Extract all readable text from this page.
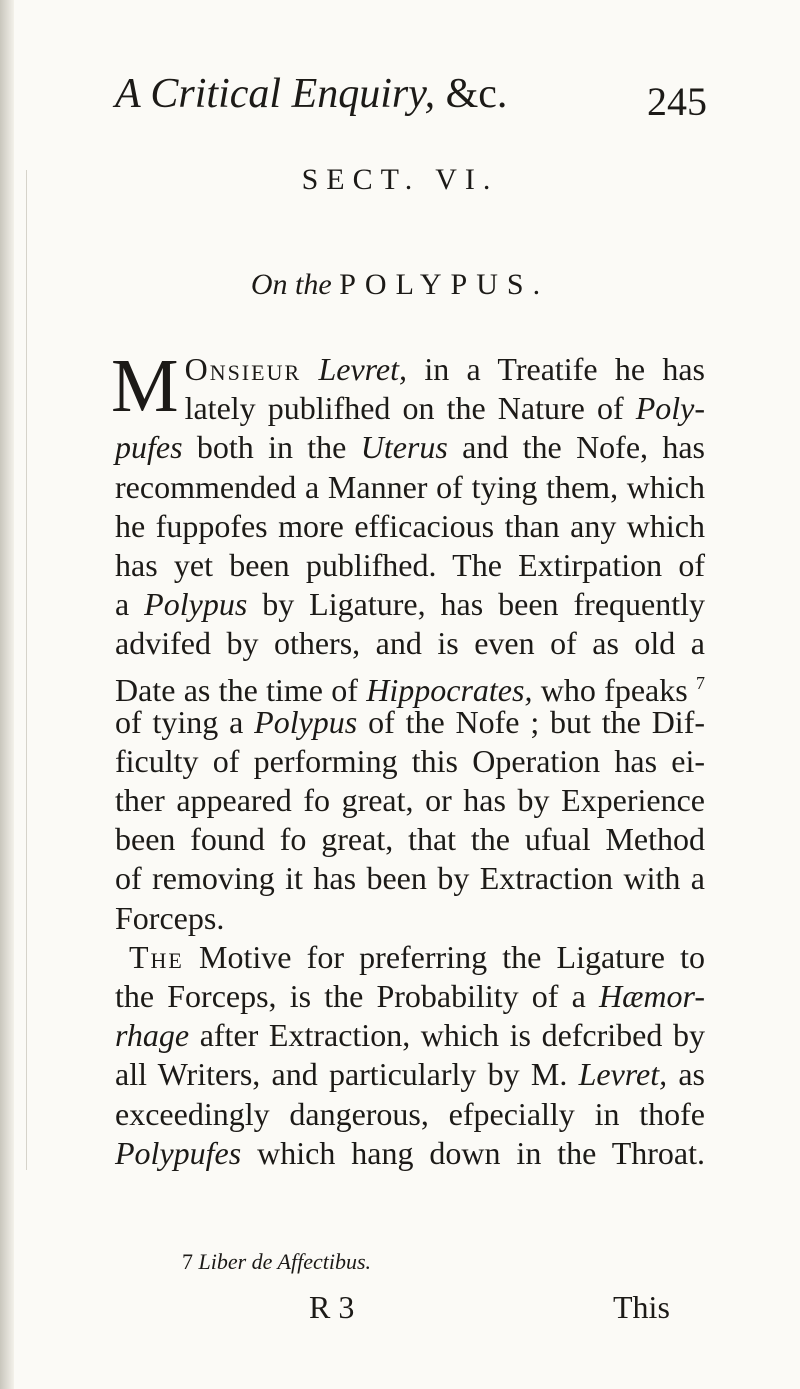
A Critical Enquiry, &c.	245
SECT. VI.
On the POLYPUS.
M Onsieur Levret, in a Treatife he has
lately publifhed on the Nature of Poly-
pufes both in the Uterus and the Nofe, has
recommended a Manner of tying them, which
he fuppofes more efficacious than any which
has yet been publifhed. The Extirpation of
a Polypus by Ligature, has been frequently
advifed by others, and is even of as old a
Date as the time of Hippocrates, who fpeaks $^7$
of tying a Polypus of the Nofe ; but the Dif-
ficulty of performing this Operation has ei-
ther appeared fo great, or has by Experience
been found fo great, that the ufual Method
of removing it has been by Extraction with a
Forceps.
The Motive for preferring the Ligature to
the Forceps, is the Probability of a Hæmor-
rhage after Extraction, which is defcribed by
all Writers, and particularly by M. Levret, as
exceedingly dangerous, efpecially in thofe
Polypufes which hang down in the Throat.
7 Liber de Affectibus.
R 3	This
